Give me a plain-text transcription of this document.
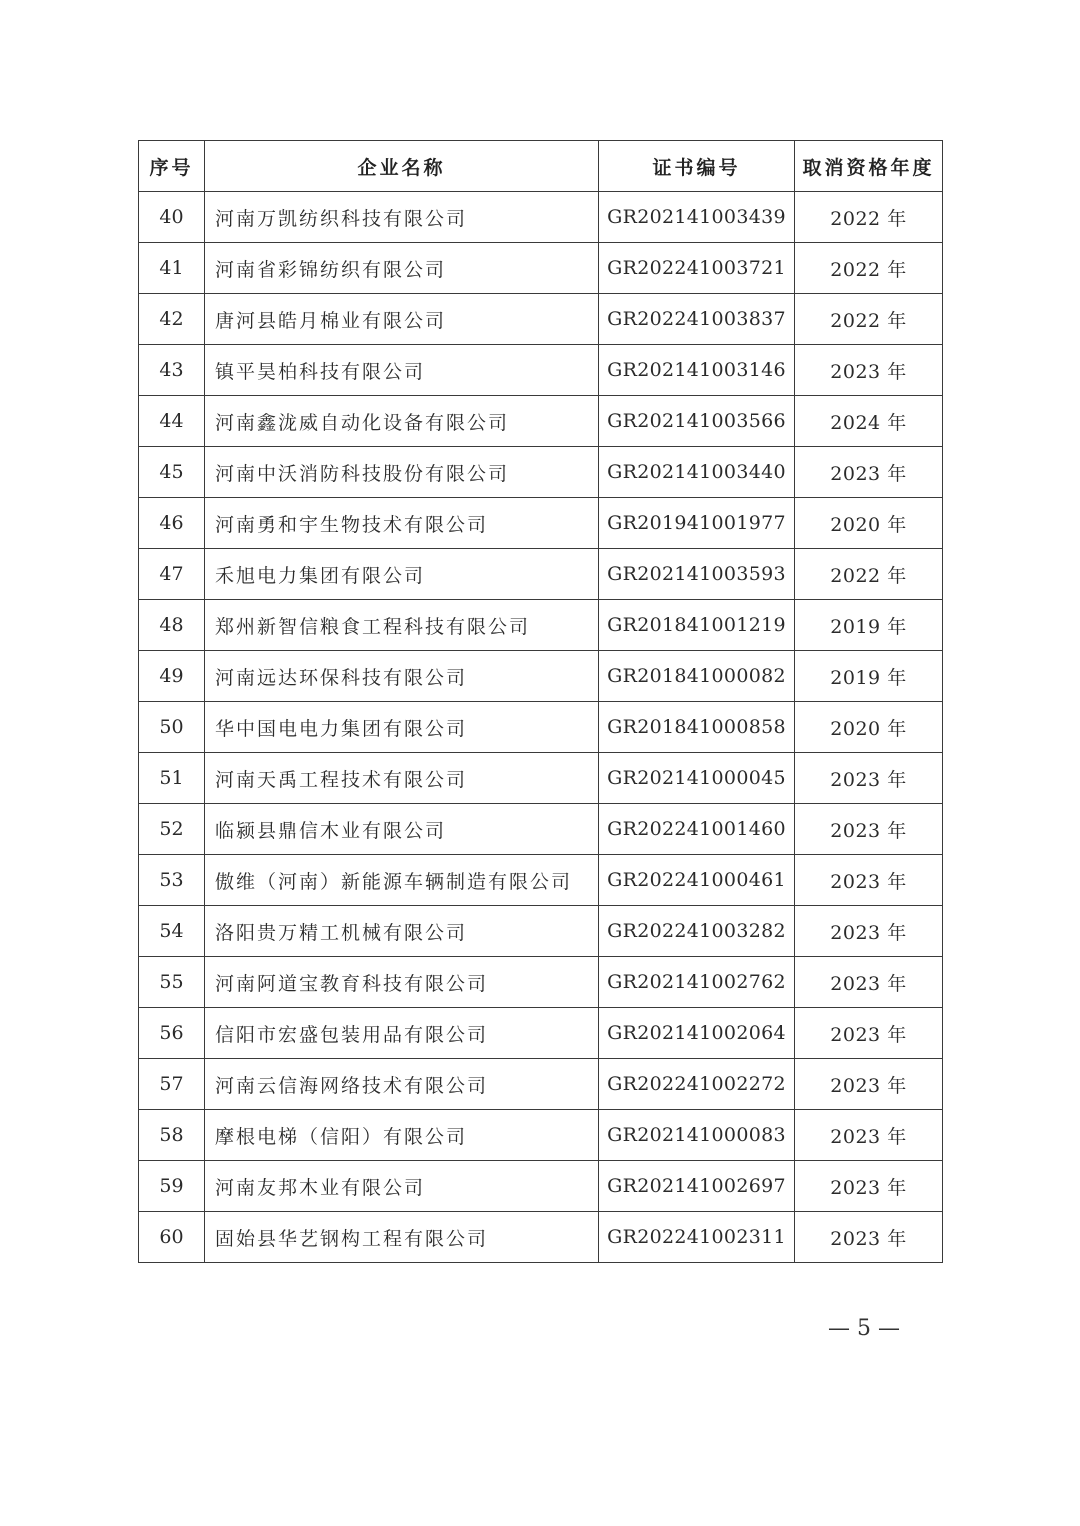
序号	企业名称	证书编号	取消资格年度
40	河南万凯纺织科技有限公司	GR202141003439	2022 年
41	河南省彩锦纺织有限公司	GR202241003721	2022 年
42	唐河县皓月棉业有限公司	GR202241003837	2022 年
43	镇平昊柏科技有限公司	GR202141003146	2023 年
44	河南鑫泷威自动化设备有限公司	GR202141003566	2024 年
45	河南中沃消防科技股份有限公司	GR202141003440	2023 年
46	河南勇和宇生物技术有限公司	GR201941001977	2020 年
47	禾旭电力集团有限公司	GR202141003593	2022 年
48	郑州新智信粮食工程科技有限公司	GR201841001219	2019 年
49	河南远达环保科技有限公司	GR201841000082	2019 年
50	华中国电电力集团有限公司	GR201841000858	2020 年
51	河南天禹工程技术有限公司	GR202141000045	2023 年
52	临颍县鼎信木业有限公司	GR202241001460	2023 年
53	傲维（河南）新能源车辆制造有限公司	GR202241000461	2023 年
54	洛阳贵万精工机械有限公司	GR202241003282	2023 年
55	河南阿道宝教育科技有限公司	GR202141002762	2023 年
56	信阳市宏盛包装用品有限公司	GR202141002064	2023 年
57	河南云信海网络技术有限公司	GR202241002272	2023 年
58	摩根电梯（信阳）有限公司	GR202141000083	2023 年
59	河南友邦木业有限公司	GR202141002697	2023 年
60	固始县华艺钢构工程有限公司	GR202241002311	2023 年
— 5 —
